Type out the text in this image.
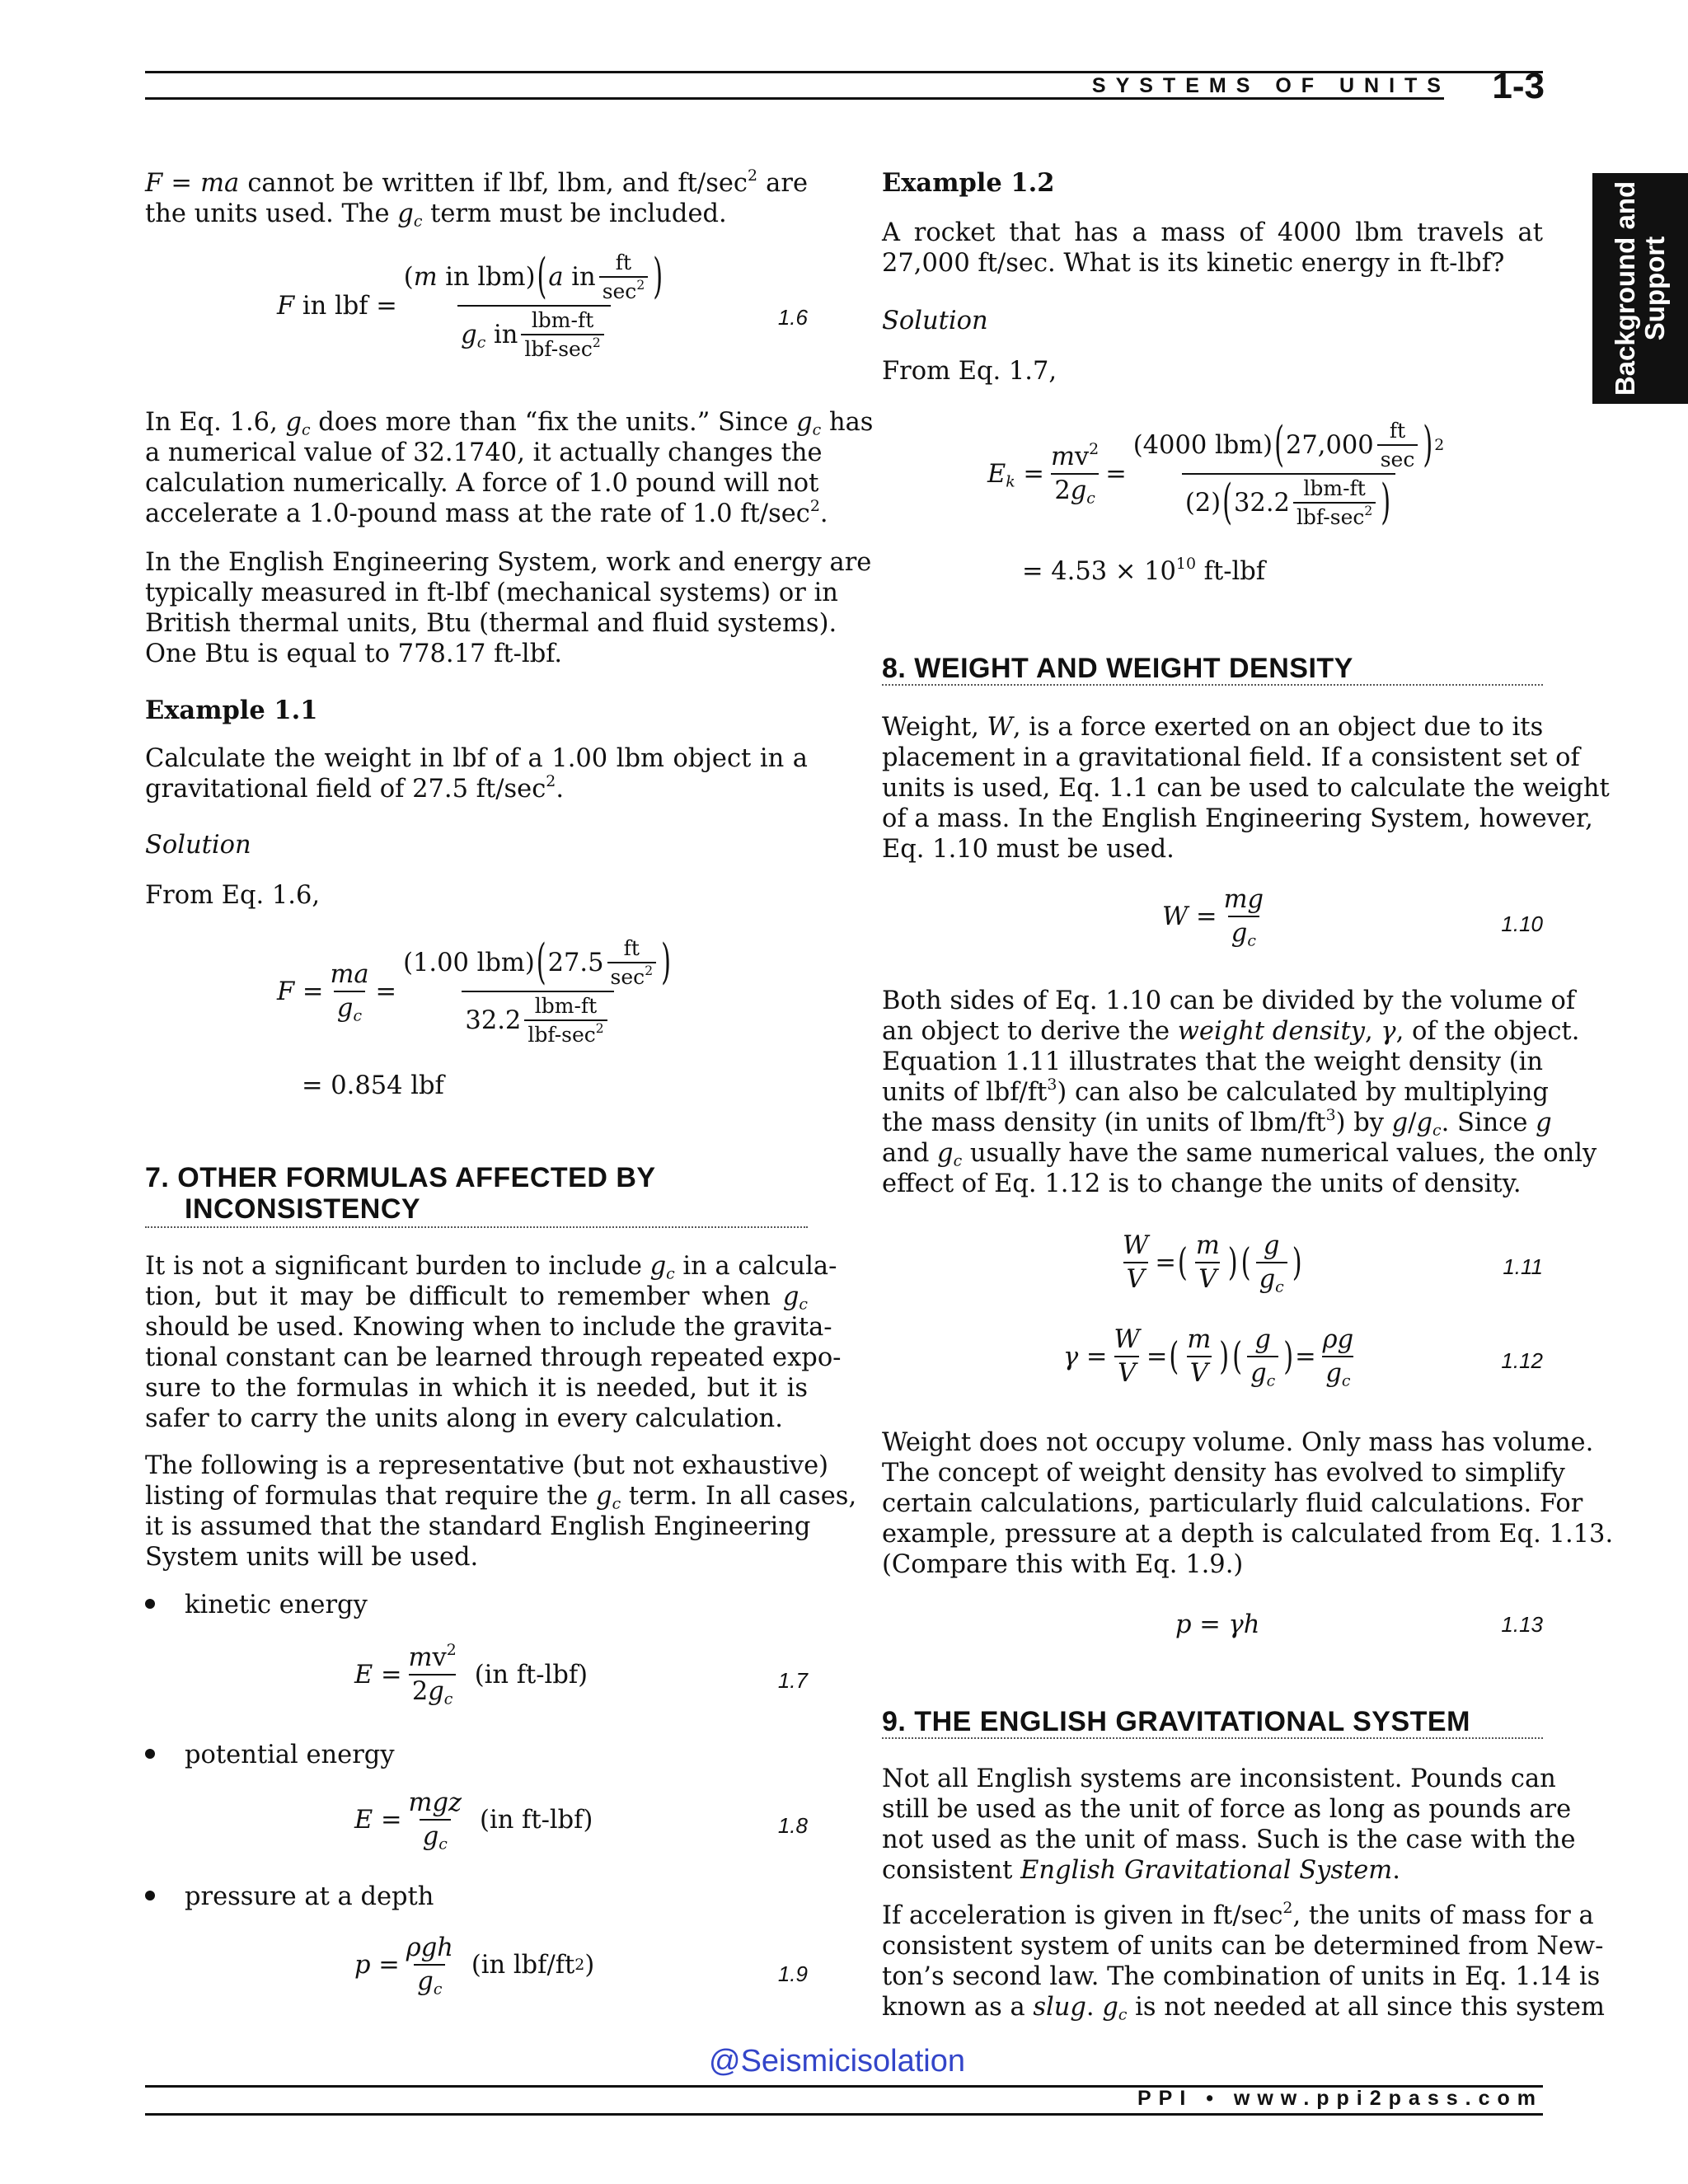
SYSTEMS OF UNITS	1-3
Background and Support
F = ma cannot be written if lbf, lbm, and $ft/\sec^2$ are
the units used. The $g_c$ term must be included.
F in lbf = $\frac{( m in lbm) ( a in \frac{ft}{\sec^2} )}{g_c in \frac{\text{lbm-ft}}{lbf-\sec^2}}$	1.6
In Eq. 1.6, $g_c$ does more than “fix the units.” Since $g_c$ has
a numerical value of 32.1740, it actually changes the
calculation numerically. A force of 1.0 pound will not
accelerate a 1.0-pound mass at the rate of 1.0 $ft/\sec^2$.
In the English Engineering System, work and energy are
typically measured in ft-lbf (mechanical systems) or in
British thermal units, Btu (thermal and fluid systems).
One Btu is equal to 778.17 ft-lbf.
Example 1.1
Calculate the weight in lbf of a 1.00 lbm object in a
gravitational field of 27.5 $ft/\sec^2$.
Solution
From Eq. 1.6,
$F = \frac{ma}{g_c} = \frac{(1.00 lbm) ( 27.5 \frac{ft}{\sec^2} )}{32.2 \frac{\text{lbm-ft}}{lbf-\sec^2}}$
= 0.854 lbf
7. OTHER FORMULAS AFFECTED BY
INCONSISTENCY
It is not a significant burden to include $g_c$ in a calcula-
tion, but it may be difficult to remember when $g_c$
should be used. Knowing when to include the gravita-
tional constant can be learned through repeated expo-
sure to the formulas in which it is needed, but it is
safer to carry the units along in every calculation.
The following is a representative (but not exhaustive)
listing of formulas that require the $g_c$ term. In all cases,
it is assumed that the standard English Engineering
System units will be used.
kinetic energy
$E = \frac{mv^2}{2g_c} (in$ ft-lbf)	1.7
potential energy
$E = \frac{\text{mgz}}{g_c} (in$ ft-lbf)	1.8
pressure at a depth
$p = \frac{\text{ρgh}}{g_c} (in$ lbf/ft 2 )	1.9
Example 1.2
A rocket that has a mass of 4000 lbm travels at
27,000 ft/sec. What is its kinetic energy in ft-lbf?
Solution
From Eq. 1.7,
$E_k = \frac{mv^2}{2g_c} = \frac{(4000 lbm) ( 27,000 \frac{ft}{\sec} ) 2}{(2) ( 32.2 \frac{\text{lbm-ft}}{lbf-\sec^2} )}$
= $4.53 \times 10^{10}$ ft-lbf
8. WEIGHT AND WEIGHT DENSITY
Weight, W, is a force exerted on an object due to its
placement in a gravitational field. If a consistent set of
units is used, Eq. 1.1 can be used to calculate the weight
of a mass. In the English Engineering System, however,
Eq. 1.10 must be used.
$W = \frac{mg}{g_c}$	1.10
Both sides of Eq. 1.10 can be divided by the volume of
an object to derive the weight density, γ, of the object.
Equation 1.11 illustrates that the weight density (in
units of lbf/$ft^3$) can also be calculated by multiplying
the mass density (in units of lbm/$ft^3$) by $g/g_c$. Since g
and $g_c$ usually have the same numerical values, the only
effect of Eq. 1.12 is to change the units of density.
$\frac{W}{V}$ = ( $\frac{m}{V}$ ) ( $\frac{g}{g_c}$ )	1.11
$\gamma = \frac{W}{V}$ = ( $\frac{m}{V}$ ) ( $\frac{g}{g_c}$ ) = $\frac{\rho g}{g_c}$	1.12
Weight does not occupy volume. Only mass has volume.
The concept of weight density has evolved to simplify
certain calculations, particularly fluid calculations. For
example, pressure at a depth is calculated from Eq. 1.13.
(Compare this with Eq. 1.9.)
p = γh	1.13
9. THE ENGLISH GRAVITATIONAL SYSTEM
Not all English systems are inconsistent. Pounds can
still be used as the unit of force as long as pounds are
not used as the unit of mass. Such is the case with the
consistent English Gravitational System.
If acceleration is given in $ft/\sec^2$, the units of mass for a
consistent system of units can be determined from New-
ton’s second law. The combination of units in Eq. 1.14 is
known as a slug. $g_c$ is not needed at all since this system
@Seismicisolation
PPI • www.ppi2pass.com
